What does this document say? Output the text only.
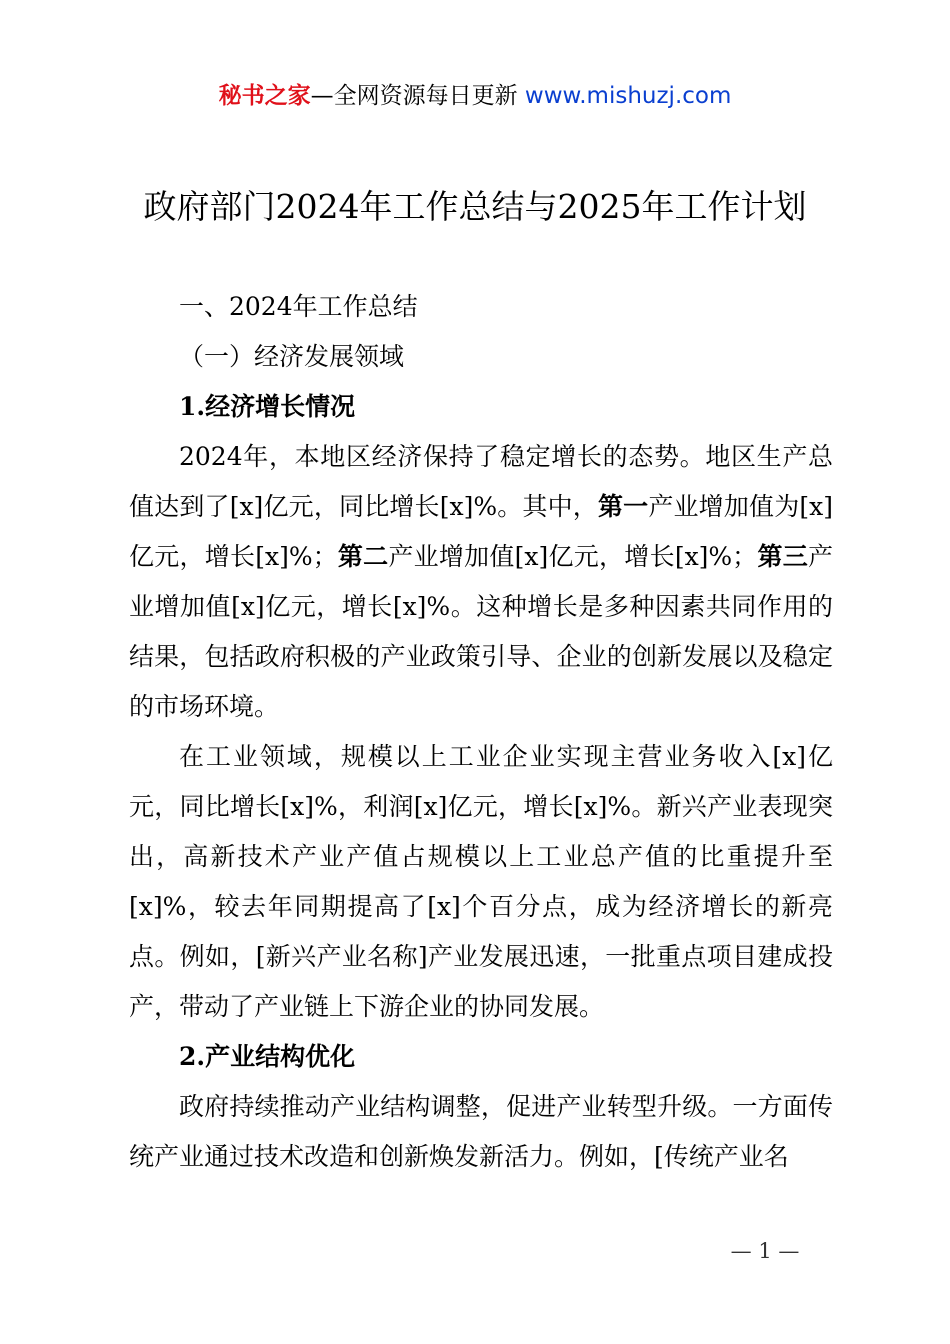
秘书之家—全网资源每日更新 www.mishuzj.com
政府部门2024年工作总结与2025年工作计划

一、2024年工作总结

（一）经济发展领域

1.经济增长情况

2024年，本地区经济保持了稳定增长的态势。地区生产总值达到了[x]亿元，同比增长[x]%。其中，第一产业增加值为[x]亿元，增长[x]%；第二产业增加值[x]亿元，增长[x]%；第三产业增加值[x]亿元，增长[x]%。这种增长是多种因素共同作用的结果，包括政府积极的产业政策引导、企业的创新发展以及稳定的市场环境。

在工业领域，规模以上工业企业实现主营业务收入[x]亿元，同比增长[x]%，利润[x]亿元，增长[x]%。新兴产业表现突出，高新技术产业产值占规模以上工业总产值的比重提升至[x]%，较去年同期提高了[x]个百分点，成为经济增长的新亮点。例如，[新兴产业名称]产业发展迅速，一批重点项目建成投产，带动了产业链上下游企业的协同发展。

2.产业结构优化

政府持续推动产业结构调整，促进产业转型升级。一方面传统产业通过技术改造和创新焕发新活力。例如，[传统产业名

— 1 —
